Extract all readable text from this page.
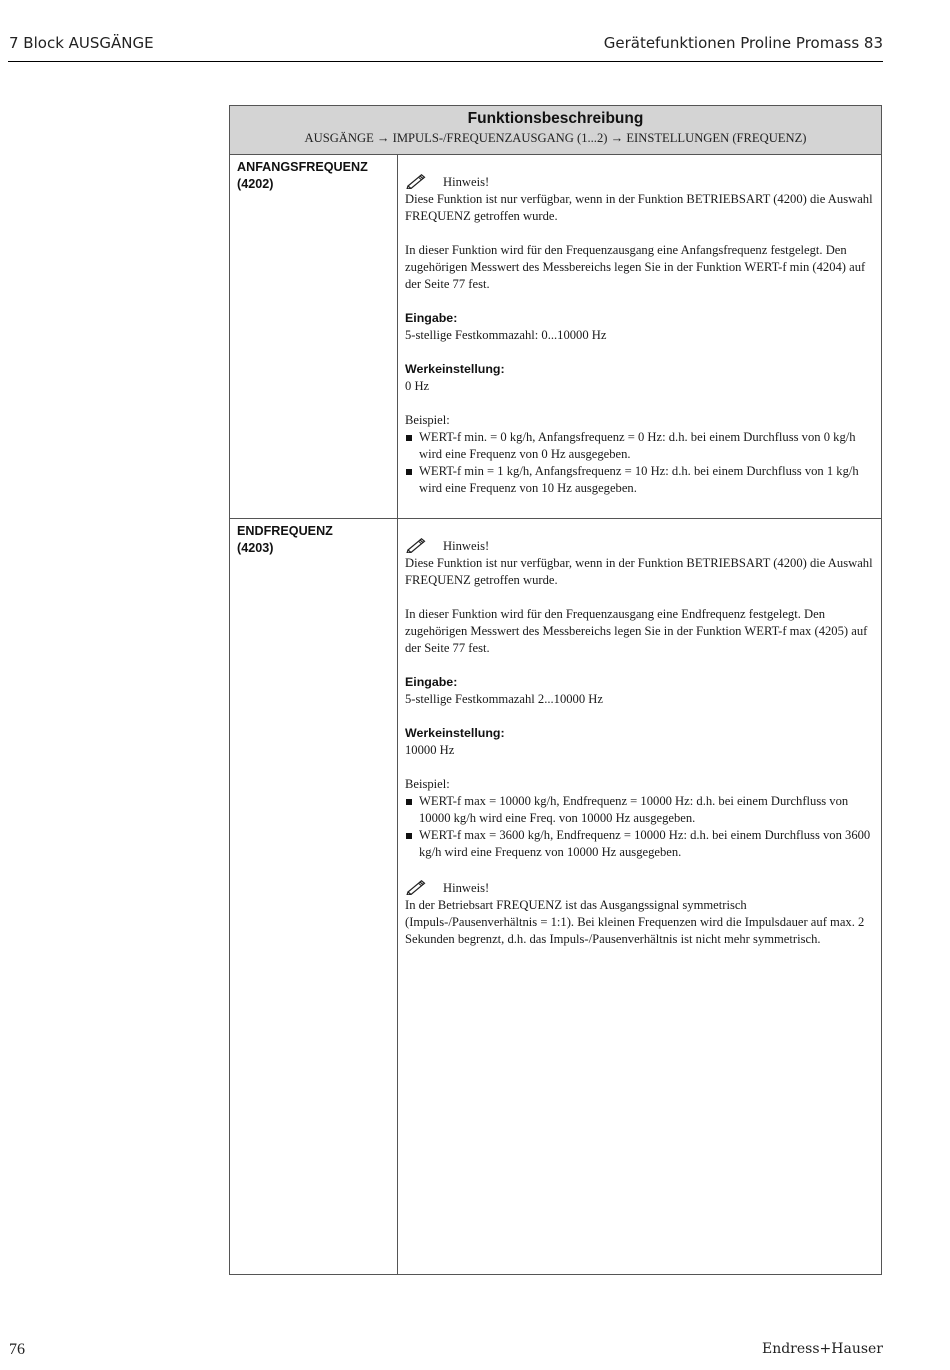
7 Block AUSGÄNGE	Gerätefunktionen Proline Promass 83
Funktionsbeschreibung
AUSGÄNGE → IMPULS-/FREQUENZAUSGANG (1...2) → EINSTELLUNGEN (FREQUENZ)
ANFANGSFREQUENZ
(4202)	Hinweis!

Diese Funktion ist nur verfügbar, wenn in der Funktion BETRIEBSART (4200) die Auswahl FREQUENZ getroffen wurde.

In dieser Funktion wird für den Frequenzausgang eine Anfangsfrequenz festgelegt. Den zugehörigen Messwert des Messbereichs legen Sie in der Funktion WERT-f min (4204) auf der Seite 77 fest.

Eingabe:

5-stellige Festkommazahl: 0...10000 Hz

Werkeinstellung:

0 Hz

Beispiel:

WERT-f min. = 0 kg/h, Anfangsfrequenz = 0 Hz: d.h. bei einem Durchfluss von 0 kg/h wird eine Frequenz von 0 Hz ausgegeben.

WERT-f min = 1 kg/h, Anfangsfrequenz = 10 Hz: d.h. bei einem Durchfluss von 1 kg/h wird eine Frequenz von 10 Hz ausgegeben.

ENDFREQUENZ
(4203)	Hinweis!

Diese Funktion ist nur verfügbar, wenn in der Funktion BETRIEBSART (4200) die Auswahl FREQUENZ getroffen wurde.

In dieser Funktion wird für den Frequenzausgang eine Endfrequenz festgelegt. Den zugehörigen Messwert des Messbereichs legen Sie in der Funktion WERT-f max (4205) auf der Seite 77 fest.

Eingabe:

5-stellige Festkommazahl 2...10000 Hz

Werkeinstellung:

10000 Hz

Beispiel:

WERT-f max = 10000 kg/h, Endfrequenz = 10000 Hz: d.h. bei einem Durchfluss von 10000 kg/h wird eine Freq. von 10000 Hz ausgegeben.

WERT-f max = 3600 kg/h, Endfrequenz = 10000 Hz: d.h. bei einem Durchfluss von 3600 kg/h wird eine Frequenz von 10000 Hz ausgegeben.

Hinweis!

In der Betriebsart FREQUENZ ist das Ausgangssignal symmetrisch (Impuls-/Pausenverhältnis = 1:1). Bei kleinen Frequenzen wird die Impulsdauer auf max. 2 Sekunden begrenzt, d.h. das Impuls-/Pausenverhältnis ist nicht mehr symmetrisch.

76	Endress+Hauser
